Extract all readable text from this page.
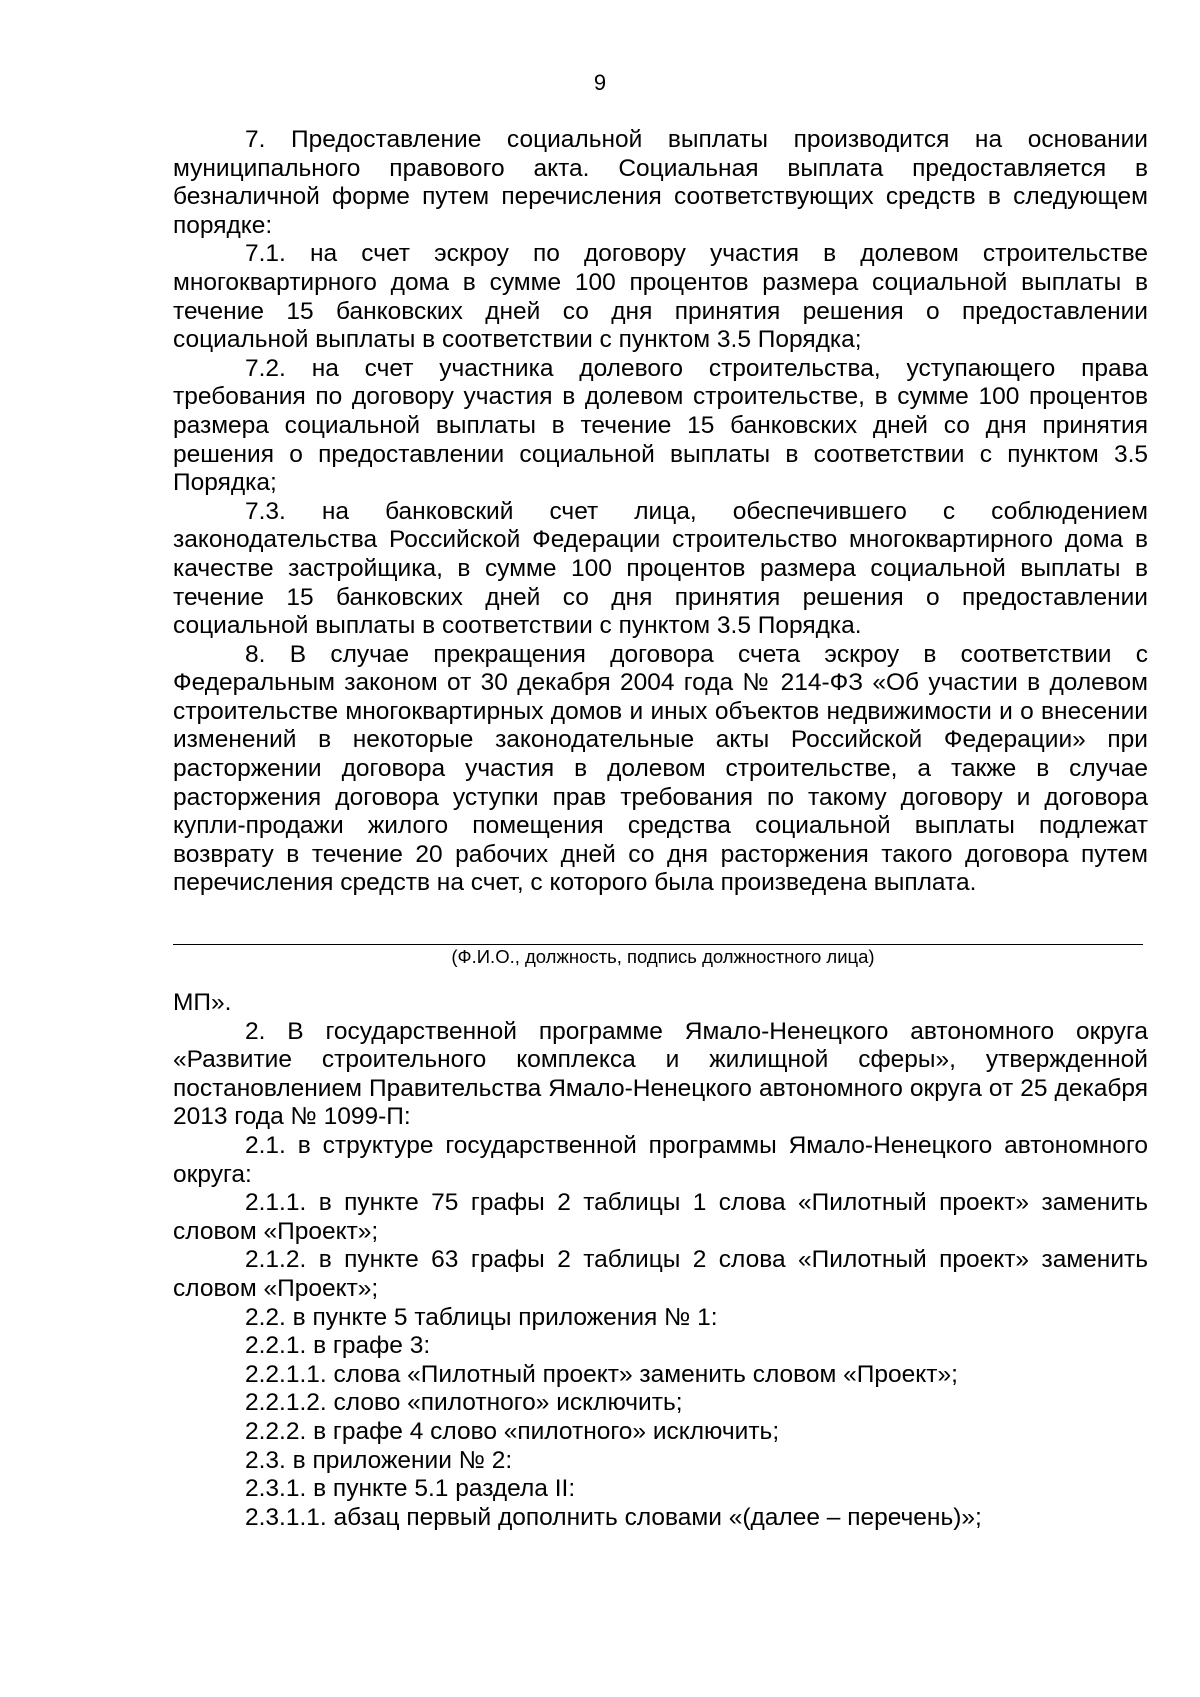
9

7. Предоставление социальной выплаты производится на основании муниципального правового акта. Социальная выплата предоставляется в безналичной форме путем перечисления соответствующих средств в следующем порядке:

7.1. на счет эскроу по договору участия в долевом строительстве многоквартирного дома в сумме 100 процентов размера социальной выплаты в течение 15 банковских дней со дня принятия решения о предоставлении социальной выплаты в соответствии с пунктом 3.5 Порядка;

7.2. на счет участника долевого строительства, уступающего права требования по договору участия в долевом строительстве, в сумме 100 процентов размера социальной выплаты в течение 15 банковских дней со дня принятия решения о предоставлении социальной выплаты в соответствии с пунктом 3.5 Порядка;

7.3. на банковский счет лица, обеспечившего с соблюдением законодательства Российской Федерации строительство многоквартирного дома в качестве застройщика, в сумме 100 процентов размера социальной выплаты в течение 15 банковских дней со дня принятия решения о предоставлении социальной выплаты в соответствии с пунктом 3.5 Порядка.

8. В случае прекращения договора счета эскроу в соответствии с Федеральным законом от 30 декабря 2004 года № 214-ФЗ «Об участии в долевом строительстве многоквартирных домов и иных объектов недвижимости и о внесении изменений в некоторые законодательные акты Российской Федерации» при расторжении договора участия в долевом строительстве, а также в случае расторжения договора уступки прав требования по такому договору и договора купли-продажи жилого помещения средства социальной выплаты подлежат возврату в течение 20 рабочих дней со дня расторжения такого договора путем перечисления средств на счет, с которого была произведена выплата.

(Ф.И.О., должность, подпись должностного лица)

МП».

2. В государственной программе Ямало-Ненецкого автономного округа «Развитие строительного комплекса и жилищной сферы», утвержденной постановлением Правительства Ямало-Ненецкого автономного округа от 25 декабря 2013 года № 1099-П:

2.1. в структуре государственной программы Ямало-Ненецкого автономного округа:

2.1.1. в пункте 75 графы 2 таблицы 1 слова «Пилотный проект» заменить словом «Проект»;

2.1.2. в пункте 63 графы 2 таблицы 2 слова «Пилотный проект» заменить словом «Проект»;

2.2. в пункте 5 таблицы приложения № 1:

2.2.1. в графе 3:

2.2.1.1. слова «Пилотный проект» заменить словом «Проект»;

2.2.1.2. слово «пилотного» исключить;

2.2.2. в графе 4 слово «пилотного» исключить;

2.3. в приложении № 2:

2.3.1. в пункте 5.1 раздела II:

2.3.1.1. абзац первый дополнить словами «(далее – перечень)»;
